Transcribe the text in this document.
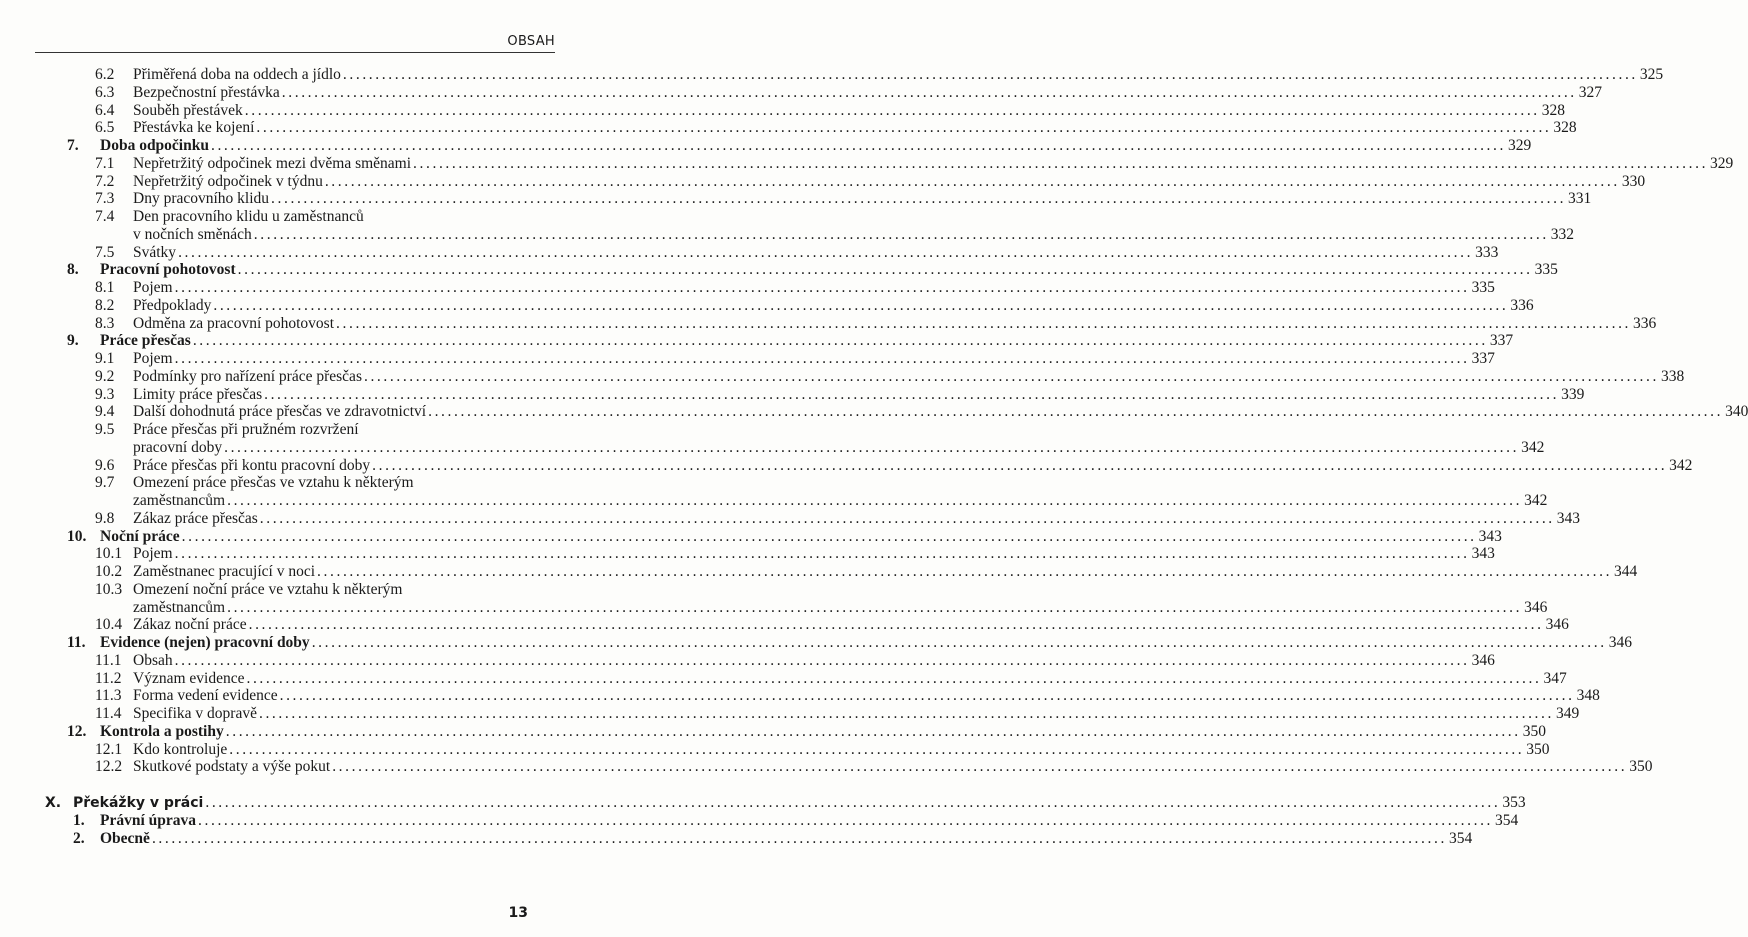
OBSAH
6.2 Přiměřená doba na oddech a jídlo ........................................................................................................................................................................................................ 325
6.3 Bezpečnostní přestávka ........................................................................................................................................................................................................ 327
6.4 Souběh přestávek ........................................................................................................................................................................................................ 328
6.5 Přestávka ke kojení ........................................................................................................................................................................................................ 328
7. Doba odpočinku ........................................................................................................................................................................................................ 329
7.1 Nepřetržitý odpočinek mezi dvěma směnami ........................................................................................................................................................................................................ 329
7.2 Nepřetržitý odpočinek v týdnu ........................................................................................................................................................................................................ 330
7.3 Dny pracovního klidu ........................................................................................................................................................................................................ 331
7.4 Den pracovního klidu u zaměstnanců
v nočních směnách ........................................................................................................................................................................................................ 332
7.5 Svátky ........................................................................................................................................................................................................ 333
8. Pracovní pohotovost ........................................................................................................................................................................................................ 335
8.1 Pojem ........................................................................................................................................................................................................ 335
8.2 Předpoklady ........................................................................................................................................................................................................ 336
8.3 Odměna za pracovní pohotovost ........................................................................................................................................................................................................ 336
9. Práce přesčas ........................................................................................................................................................................................................ 337
9.1 Pojem ........................................................................................................................................................................................................ 337
9.2 Podmínky pro nařízení práce přesčas ........................................................................................................................................................................................................ 338
9.3 Limity práce přesčas ........................................................................................................................................................................................................ 339
9.4 Další dohodnutá práce přesčas ve zdravotnictví ........................................................................................................................................................................................................ 340
9.5 Práce přesčas při pružném rozvržení
pracovní doby ........................................................................................................................................................................................................ 342
9.6 Práce přesčas při kontu pracovní doby ........................................................................................................................................................................................................ 342
9.7 Omezení práce přesčas ve vztahu k některým
zaměstnancům ........................................................................................................................................................................................................ 342
9.8 Zákaz práce přesčas ........................................................................................................................................................................................................ 343
10. Noční práce ........................................................................................................................................................................................................ 343
10.1 Pojem ........................................................................................................................................................................................................ 343
10.2 Zaměstnanec pracující v noci ........................................................................................................................................................................................................ 344
10.3 Omezení noční práce ve vztahu k některým
zaměstnancům ........................................................................................................................................................................................................ 346
10.4 Zákaz noční práce ........................................................................................................................................................................................................ 346
11. Evidence (nejen) pracovní doby ........................................................................................................................................................................................................ 346
11.1 Obsah ........................................................................................................................................................................................................ 346
11.2 Význam evidence ........................................................................................................................................................................................................ 347
11.3 Forma vedení evidence ........................................................................................................................................................................................................ 348
11.4 Specifika v dopravě ........................................................................................................................................................................................................ 349
12. Kontrola a postihy ........................................................................................................................................................................................................ 350
12.1 Kdo kontroluje ........................................................................................................................................................................................................ 350
12.2 Skutkové podstaty a výše pokut ........................................................................................................................................................................................................ 350
X. Překážky v práci ........................................................................................................................................................................................................ 353
1. Právní úprava ........................................................................................................................................................................................................ 354
2. Obecně ........................................................................................................................................................................................................ 354
13
